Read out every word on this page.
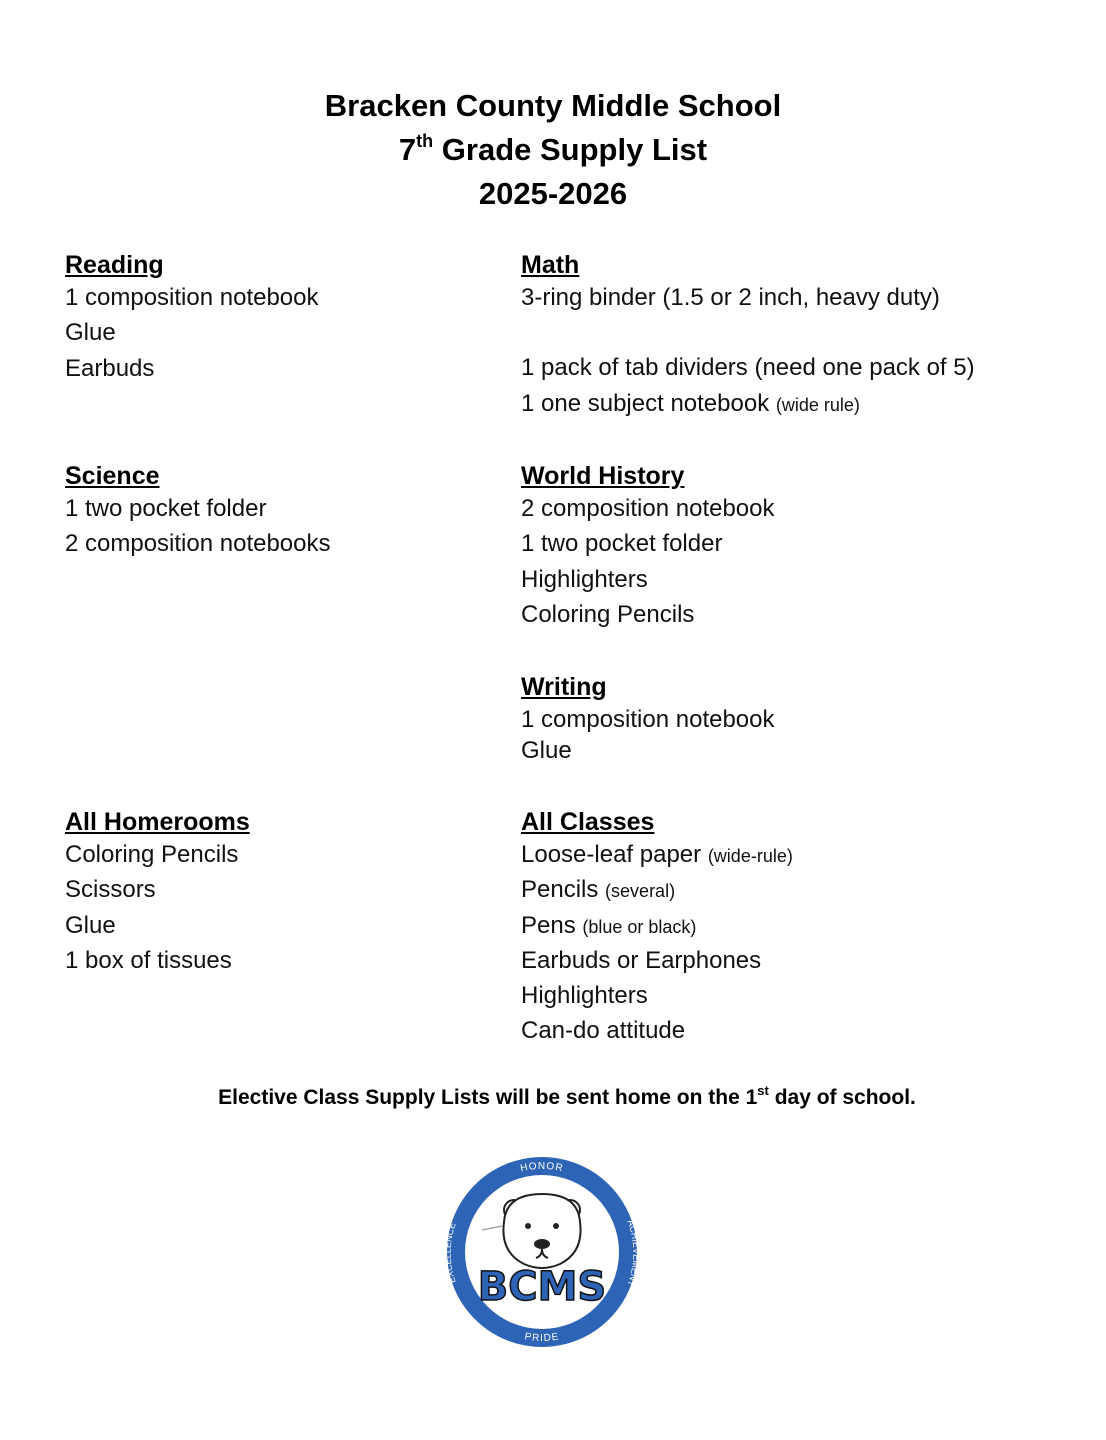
Bracken County Middle School
7th Grade Supply List
2025-2026
Reading
1 composition notebook
Glue
Earbuds
Math
3-ring binder (1.5 or 2 inch, heavy duty)
1 pack of tab dividers (need one pack of 5)
1 one subject notebook (wide rule)
Science
1 two pocket folder
2 composition notebooks
World History
2 composition notebook
1 two pocket folder
Highlighters
Coloring Pencils
Writing
1 composition notebook
Glue
All Homerooms
Coloring Pencils
Scissors
Glue
1 box of tissues
All Classes
Loose-leaf paper (wide-rule)
Pencils (several)
Pens (blue or black)
Earbuds or Earphones
Highlighters
Can-do attitude
Elective Class Supply Lists will be sent home on the 1st day of school.
HONOR
PRIDE
EXCELLENCE	ACHIEVEMENT
BCMS
